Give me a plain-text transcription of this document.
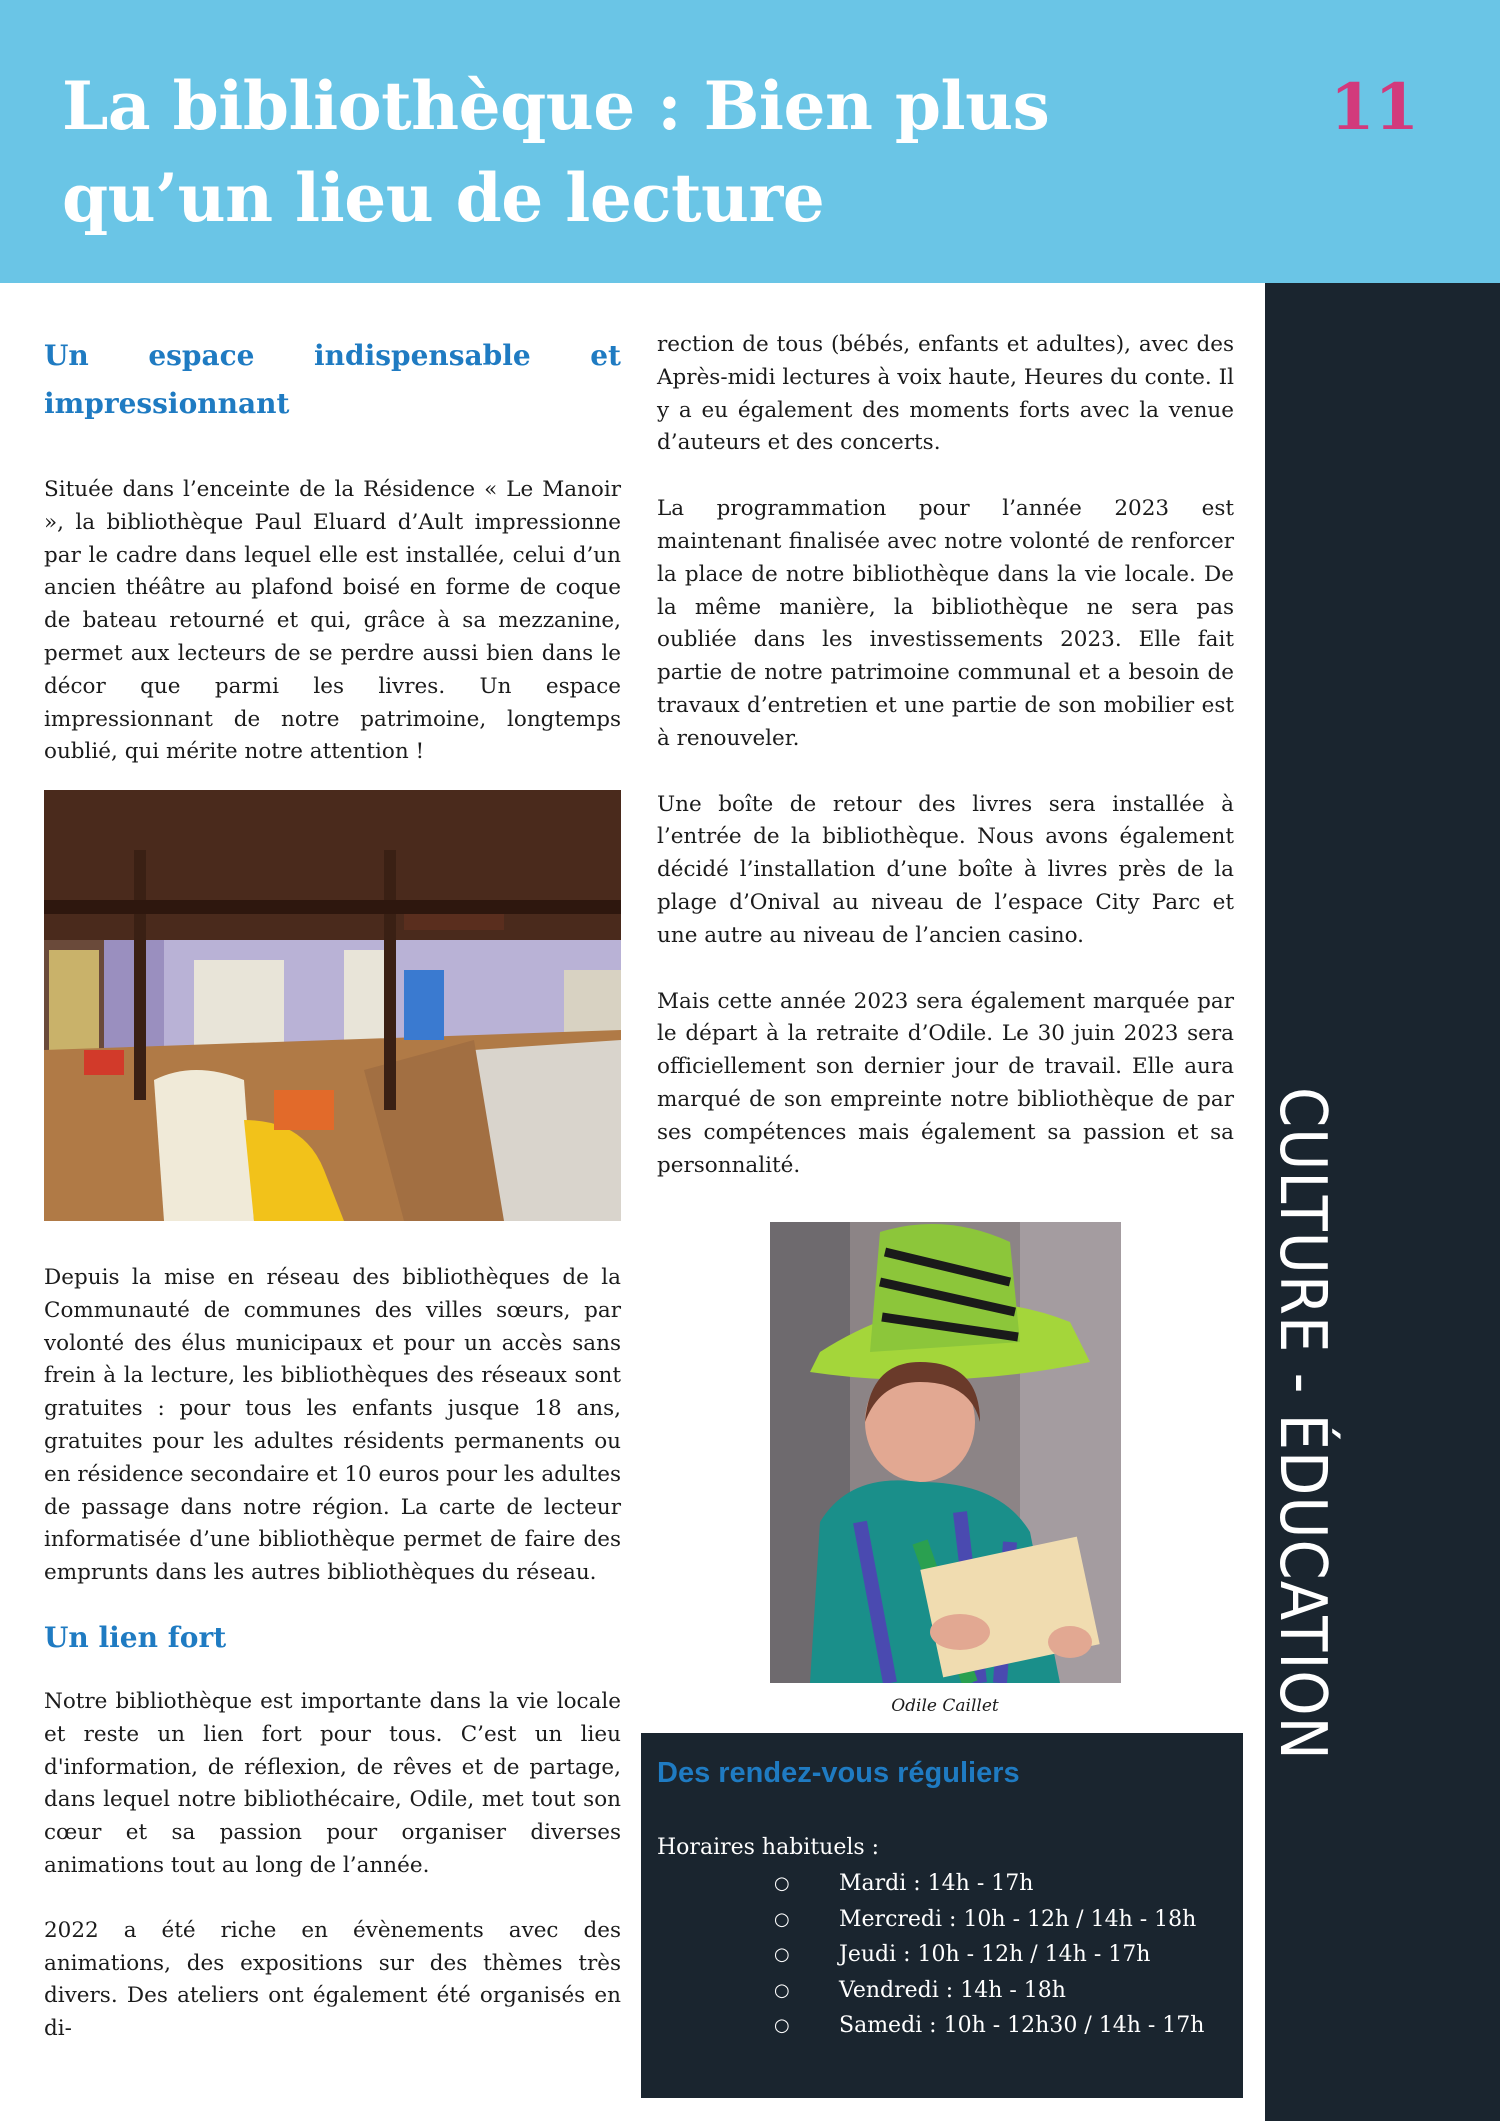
La bibliothèque : Bien plus qu’un lieu de lecture

11

CULTURE - ÉDUCATION
Un espace indispensable et impressionnant

Située dans l’enceinte de la Résidence « Le Manoir », la bibliothèque Paul Eluard d’Ault impressionne par le cadre dans lequel elle est installée, celui d’un ancien théâtre au plafond boisé en forme de coque de bateau retourné et qui, grâce à sa mezzanine, permet aux lecteurs de se perdre aussi bien dans le décor que parmi les livres. Un espace impressionnant de notre patrimoine, longtemps oublié, qui mérite notre attention !

Depuis la mise en réseau des bibliothèques de la Communauté de communes des villes sœurs, par volonté des élus municipaux et pour un accès sans frein à la lecture, les bibliothèques des réseaux sont gratuites : pour tous les enfants jusque 18 ans, gratuites pour les adultes résidents permanents ou en résidence secondaire et 10 euros pour les adultes de passage dans notre région. La carte de lecteur informatisée d’une bibliothèque permet de faire des emprunts dans les autres bibliothèques du réseau.

Un lien fort

Notre bibliothèque est importante dans la vie locale et reste un lien fort pour tous. C’est un lieu d'information, de réflexion, de rêves et de partage, dans lequel notre bibliothécaire, Odile, met tout son cœur et sa passion pour organiser diverses animations tout au long de l’année.

2022 a été riche en évènements avec des animations, des expositions sur des thèmes très divers. Des ateliers ont également été organisés en di-

rection de tous (bébés, enfants et adultes), avec des Après-midi lectures à voix haute, Heures du conte. Il y a eu également des moments forts avec la venue d’auteurs et des concerts.

La programmation pour l’année 2023 est maintenant finalisée avec notre volonté de renforcer la place de notre bibliothèque dans la vie locale. De la même manière, la bibliothèque ne sera pas oubliée dans les investissements 2023. Elle fait partie de notre patrimoine communal et a besoin de travaux d’entretien et une partie de son mobilier est à renouveler.

Une boîte de retour des livres sera installée à l’entrée de la bibliothèque. Nous avons également décidé l’installation d’une boîte à livres près de la plage d’Onival au niveau de l’espace City Parc et une autre au niveau de l’ancien casino.

Mais cette année 2023 sera également marquée par le départ à la retraite d’Odile. Le 30 juin 2023 sera officiellement son dernier jour de travail. Elle aura marqué de son empreinte notre bibliothèque de par ses compétences mais également sa passion et sa personnalité.

Odile Caillet

Des rendez-vous réguliers

Horaires habituels :

○ Mardi : 14h - 17h
○ Mercredi : 10h - 12h / 14h - 18h
○ Jeudi : 10h - 12h / 14h - 17h
○ Vendredi : 14h - 18h
○ Samedi : 10h - 12h30 / 14h - 17h
